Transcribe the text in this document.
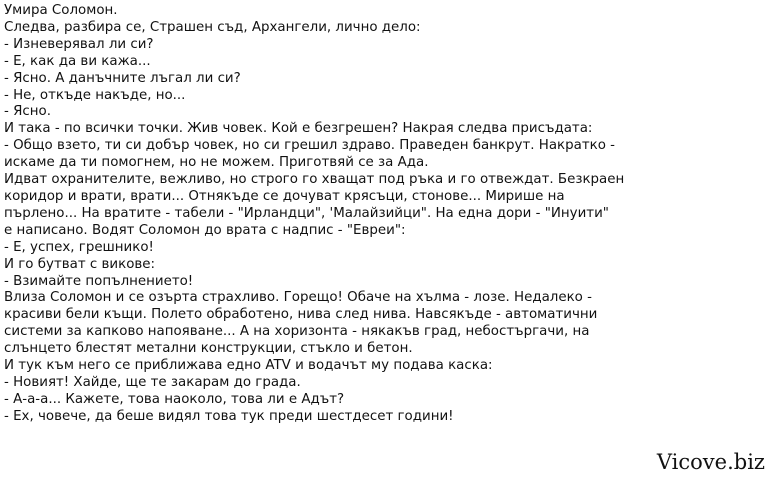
Умира Соломон.
Следва, разбира се, Страшен съд, Архангели, лично дело:
- Изневерявал ли си?
- Е, как да ви кажа...
- Ясно. А данъчните лъгал ли си?
- Не, откъде накъде, но...
- Ясно.
И така - по всички точки. Жив човек. Кой е безгрешен? Накрая следва присъдата:
- Общо взето, ти си добър човек, но си грешил здраво. Праведен банкрут. Накратко -
искаме да ти помогнем, но не можем. Приготвяй се за Ада.
Идват охранителите, вежливо, но строго го хващат под ръка и го отвеждат. Безкраен
коридор и врати, врати... Отнякъде се дочуват крясъци, стонове... Мирише на
пърлено... На вратите - табели - "Ирландци", 'Малайзийци". На една дори - "Инуити"
е написано. Водят Соломон до врата с надпис - "Евреи":
- Е, успех, грешнико!
И го бутват с викове:
- Взимайте попълнението!
Влиза Соломон и се озърта страхливо. Горещо! Обаче на хълма - лозе. Недалеко -
красиви бели къщи. Полето обработено, нива след нива. Навсякъде - автоматични
системи за капково напояване... А на хоризонта - някакъв град, небостъргачи, на
слънцето блестят метални конструкции, стъкло и бетон.
И тук към него се приближава едно ATV и водачът му подава каска:
- Новият! Хайде, ще те закарам до града.
- А-а-а... Кажете, това наоколо, това ли е Адът?
- Ех, човече, да беше видял това тук преди шестдесет години!
Vicove.biz
